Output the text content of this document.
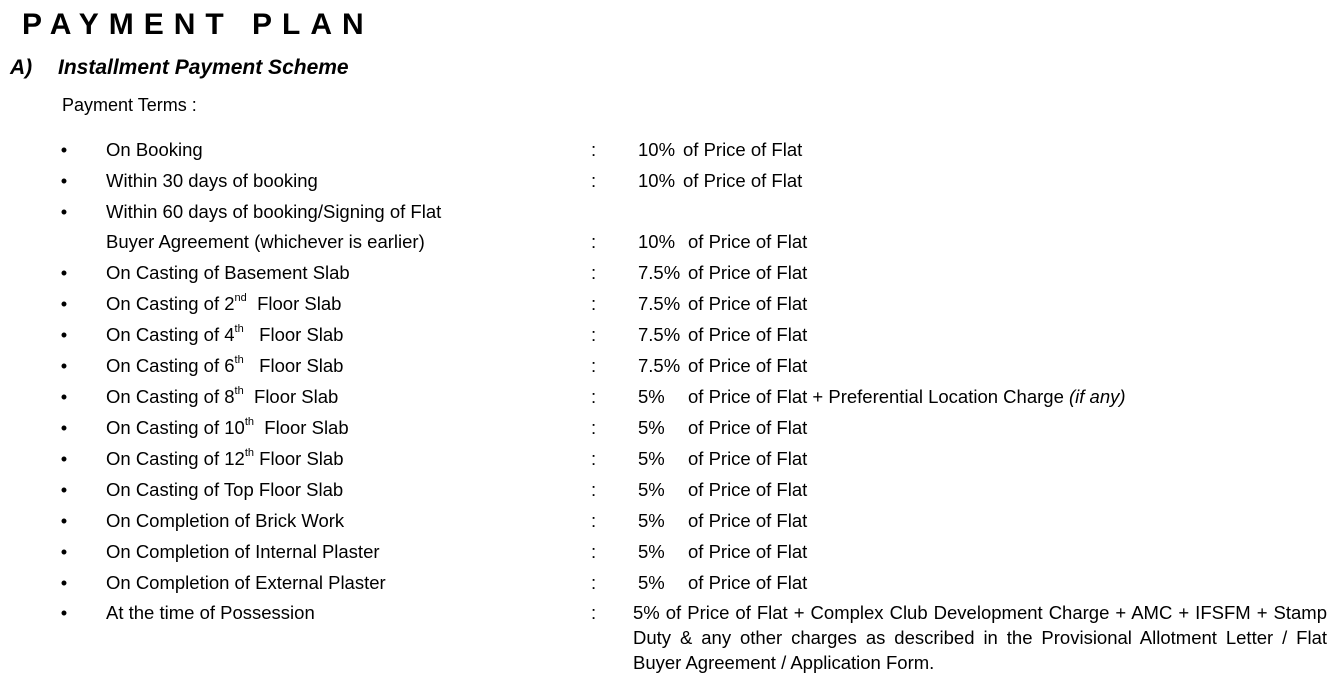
PAYMENT PLAN
A) Installment Payment Scheme
Payment Terms :
• On Booking	: 10% of Price of Flat
• Within 30 days of booking	: 10% of Price of Flat
• Within 60 days of booking/Signing of Flat
Buyer Agreement (whichever is earlier)	: 10% of Price of Flat
• On Casting of Basement Slab	: 7.5% of Price of Flat
• On Casting of 2nd  Floor Slab	: 7.5% of Price of Flat
• On Casting of 4th   Floor Slab	: 7.5% of Price of Flat
• On Casting of 6th   Floor Slab	: 7.5% of Price of Flat
• On Casting of 8th  Floor Slab	: 5% of Price of Flat + Preferential Location Charge (if any)
• On Casting of 10th  Floor Slab	: 5% of Price of Flat
• On Casting of 12th Floor Slab	: 5% of Price of Flat
• On Casting of Top Floor Slab	: 5% of Price of Flat
• On Completion of Brick Work	: 5% of Price of Flat
• On Completion of Internal Plaster	: 5% of Price of Flat
• On Completion of External Plaster	: 5% of Price of Flat
• At the time of Possession	: 5% of Price of Flat + Complex Club Development Charge + AMC + IFSFM + Stamp Duty & any other charges as described in the Provisional Allotment Letter / Flat Buyer Agreement / Application Form.
